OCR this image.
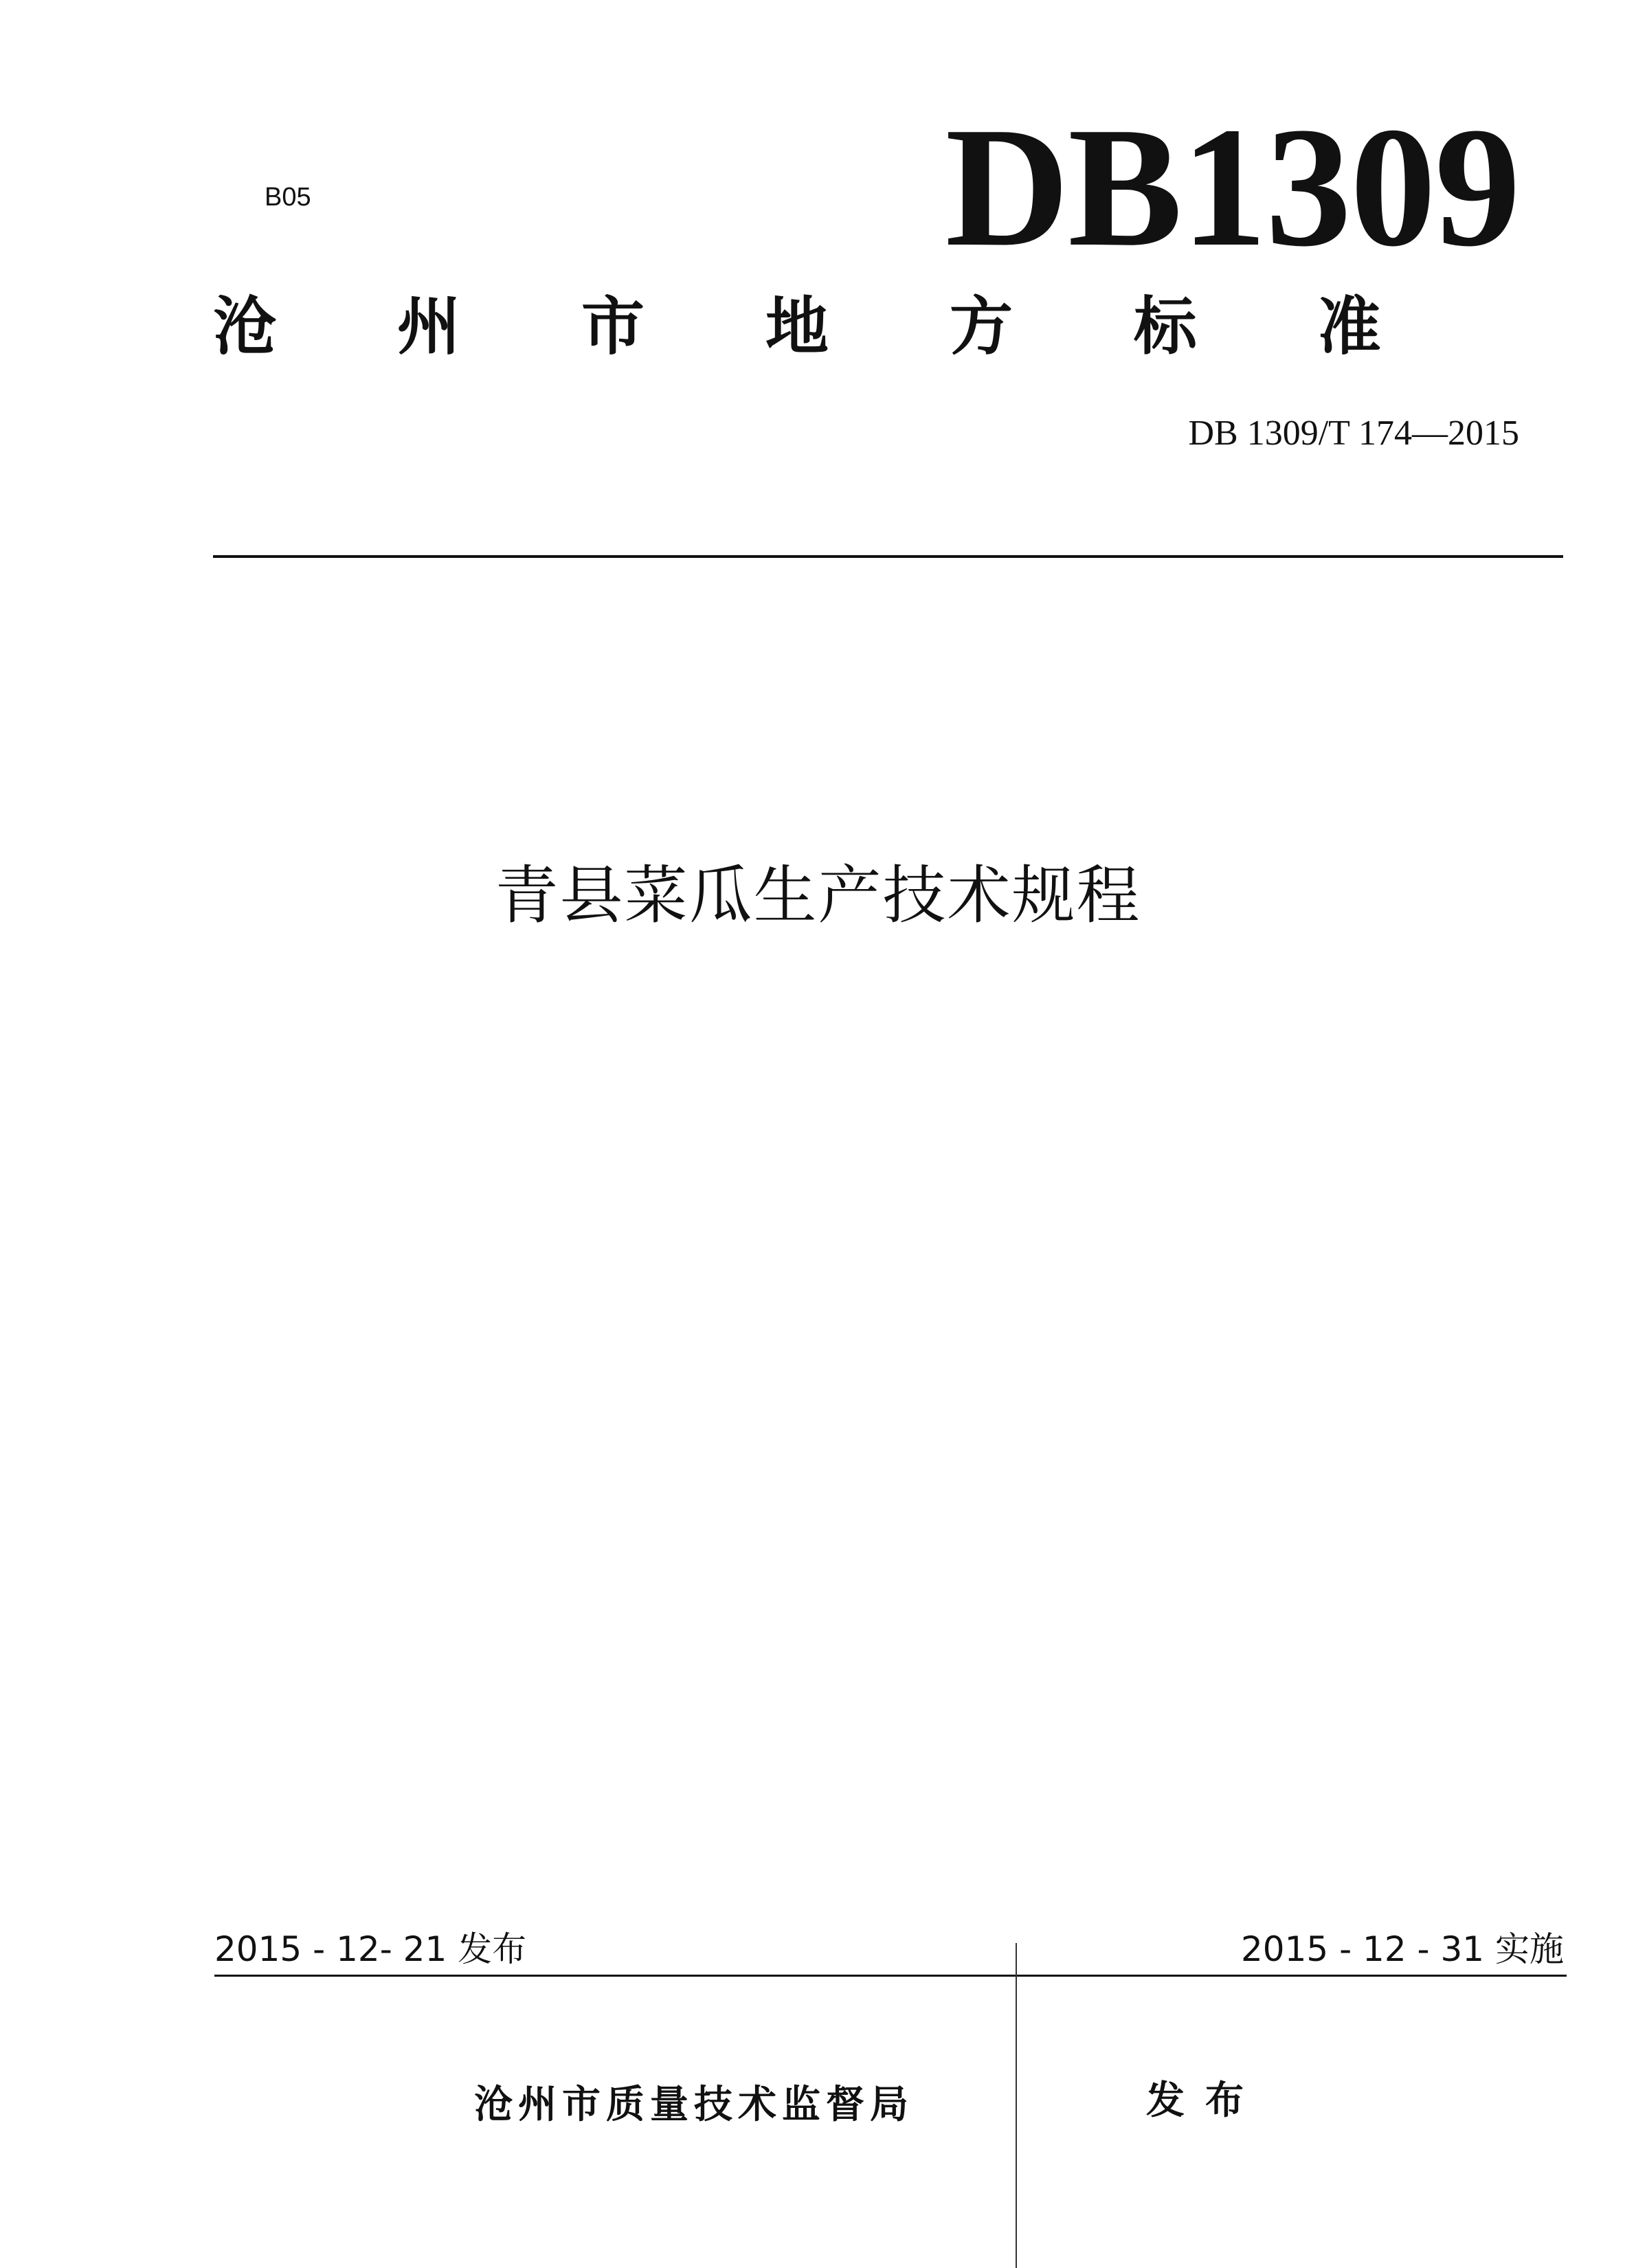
B05	DB1309
沧 州 市 地 方 标 准
DB 1309/T 174—2015
青县菜瓜生产技术规程
2015 - 12- 21 发布	2015 - 12 - 31 实施
沧州市质量技术监督局	发布
